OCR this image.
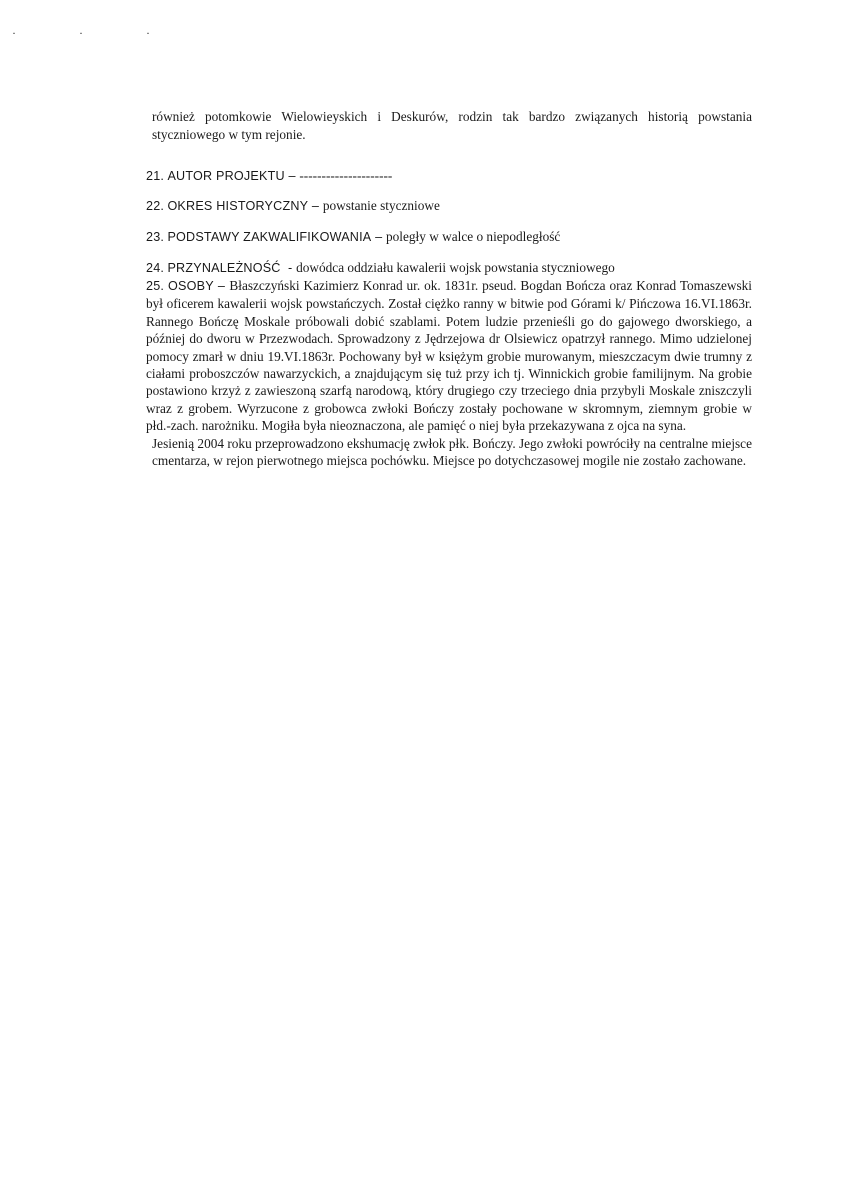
· · ·

również potomkowie Wielowieyskich i Deskurów, rodzin tak bardzo związanych historią powstania styczniowego w tym rejonie.

21.
AUTOR PROJEKTU – ---------------------
22.
OKRES HISTORYCZNY – powstanie styczniowe
23.
PODSTAWY ZAKWALIFIKOWANIA – poległy w walce o niepodległość
24.
PRZYNALEŻNOŚĆ - dowódca oddziału kawalerii wojsk powstania styczniowego

25. OSOBY – Błaszczyński Kazimierz Konrad ur. ok. 1831r. pseud. Bogdan Bończa oraz Konrad Tomaszewski był oficerem kawalerii wojsk powstańczych. Został ciężko ranny w bitwie pod Górami k/ Pińczowa 16.VI.1863r. Rannego Bończę Moskale próbowali dobić szablami. Potem ludzie przenieśli go do gajowego dworskiego, a później do dworu w Przezwodach. Sprowadzony z Jędrzejowa dr Olsiewicz opatrzył rannego. Mimo udzielonej pomocy zmarł w dniu 19.VI.1863r. Pochowany był w księżym grobie murowanym, mieszczacym dwie trumny z ciałami proboszczów nawarzyckich, a znajdującym się tuż przy ich tj. Winnickich grobie familijnym. Na grobie postawiono krzyż z zawieszoną szarfą narodową, który drugiego czy trzeciego dnia przybyli Moskale zniszczyli wraz z grobem. Wyrzucone z grobowca zwłoki Bończy zostały pochowane w skromnym, ziemnym grobie w płd.-zach. narożniku. Mogiła była nieoznaczona, ale pamięć o niej była przekazywana z ojca na syna.

Jesienią 2004 roku przeprowadzono ekshumację zwłok płk. Bończy. Jego zwłoki powróciły na centralne miejsce cmentarza, w rejon pierwotnego miejsca pochówku. Miejsce po dotychczasowej mogile nie zostało zachowane.
